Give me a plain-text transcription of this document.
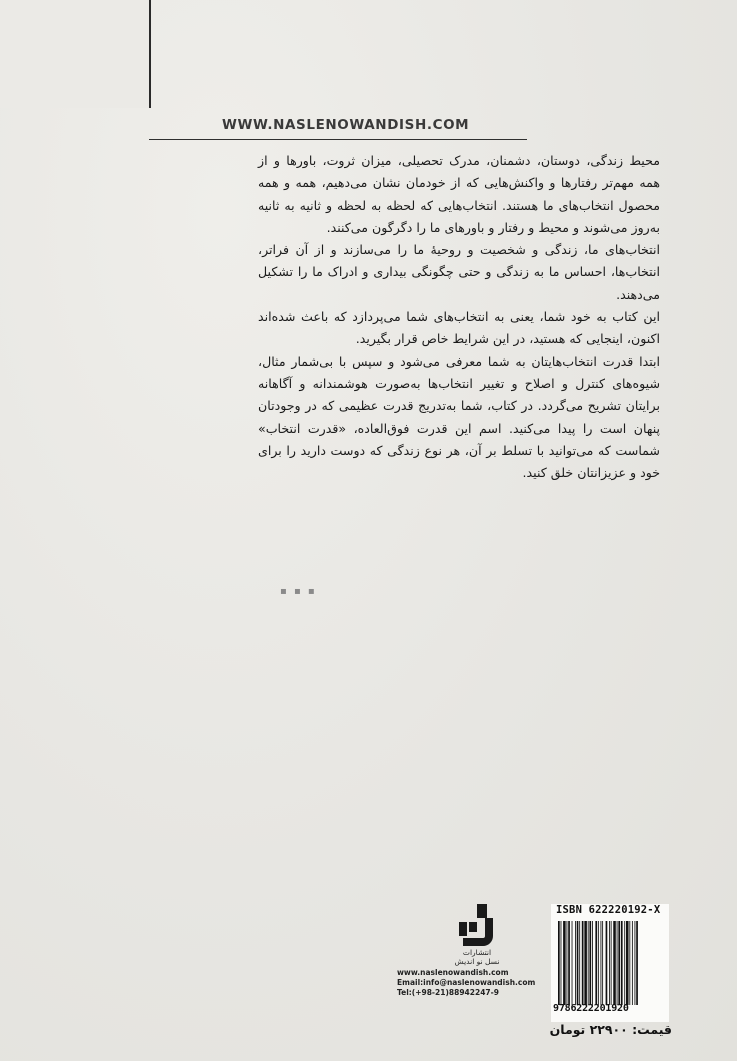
WWW.NASLENOWANDISH.COM

محیط زندگی، دوستان، دشمنان، مدرک تحصیلی، میزان ثروت، باورها و از همه مهم‌تر رفتارها و واکنش‌هایی که از خودمان نشان می‌دهیم، همه و همه محصول انتخاب‌های ما هستند. انتخاب‌هایی که لحظه به لحظه و ثانیه به ثانیه به‌روز می‌شوند و محیط و رفتار و باورهای ما را دگرگون می‌کنند.

انتخاب‌های ما، زندگی و شخصیت و روحیهٔ ما را می‌سازند و از آن فراتر، انتخاب‌ها، احساس ما به زندگی و حتی چگونگی بیداری و ادراک ما را تشکیل می‌دهند.

این کتاب به خود شما، یعنی به انتخاب‌های شما می‌پردازد که باعث شده‌اند اکنون، اینجایی که هستید، در این شرایط خاص قرار بگیرید.

ابتدا قدرت انتخاب‌هایتان به شما معرفی می‌شود و سپس با بی‌شمار مثال، شیوه‌های کنترل و اصلاح و تغییر انتخاب‌ها به‌صورت هوشمندانه و آگاهانه برایتان تشریح می‌گردد. در کتاب، شما به‌تدریج قدرت عظیمی که در وجودتان پنهان است را پیدا می‌کنید. اسم این قدرت فوق‌العاده، «قدرت انتخاب» شماست که می‌توانید با تسلط بر آن، هر نوع زندگی که دوست دارید را برای خود و عزیزانتان خلق کنید.

▪ ▪ ▪
انتشارات
نسل نو اندیش
www.naslenowandish.com
Email:info@naslenowandish.com
Tel:(+98-21)88942247-9
ISBN 622220192-X
9786222201920
قیمت: ۲۲۹۰۰ تومان
